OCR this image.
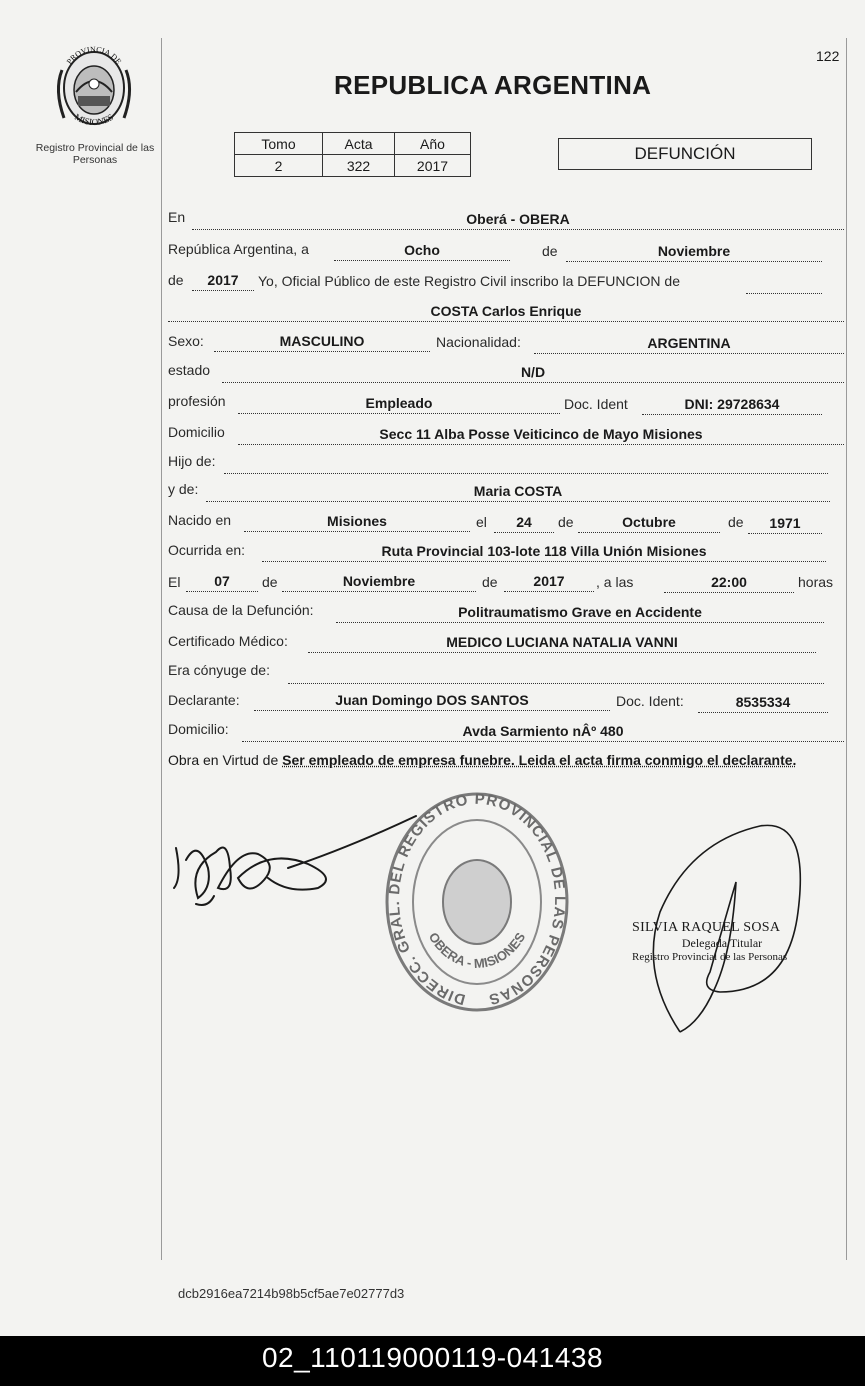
122
PROVINCIA DE
MISIONES
Registro Provincial de las Personas
REPUBLICA ARGENTINA
Tomo	Acta	Año
2	322	2017
DEFUNCIÓN
En	Oberá - OBERA
República Argentina, a	Ocho	de	Noviembre
de	2017	Yo, Oficial Público de este Registro Civil inscribo la DEFUNCION de
COSTA Carlos Enrique
Sexo:	MASCULINO	Nacionalidad:	ARGENTINA
estado	N/D
profesión	Empleado	Doc. Ident	DNI: 29728634
Domicilio	Secc 11 Alba Posse Veiticinco de Mayo Misiones
Hijo de:
y de:	Maria COSTA
Nacido en	Misiones	el	24	de	Octubre	de	1971
Ocurrida en:	Ruta Provincial 103-lote 118 Villa Unión Misiones
El	07	de	Noviembre	de	2017	, a las	22:00	horas
Causa de la Defunción:	Politraumatismo Grave en Accidente
Certificado Médico:	MEDICO LUCIANA NATALIA VANNI
Era cónyuge de:
Declarante:	Juan Domingo DOS SANTOS	Doc. Ident:	8535334
Domicilio:	Avda Sarmiento nÂº 480
Obra en Virtud de Ser empleado de empresa funebre. Leida el acta firma conmigo el declarante.
DIRECC. GRAL. DEL REGISTRO PROVINCIAL DE LAS PERSONAS
OBERA - MISIONES
SILVIA RAQUEL SOSA
Delegada Titular
Registro Provincial de las Personas
dcb2916ea7214b98b5cf5ae7e02777d3
02_110119000119-041438
